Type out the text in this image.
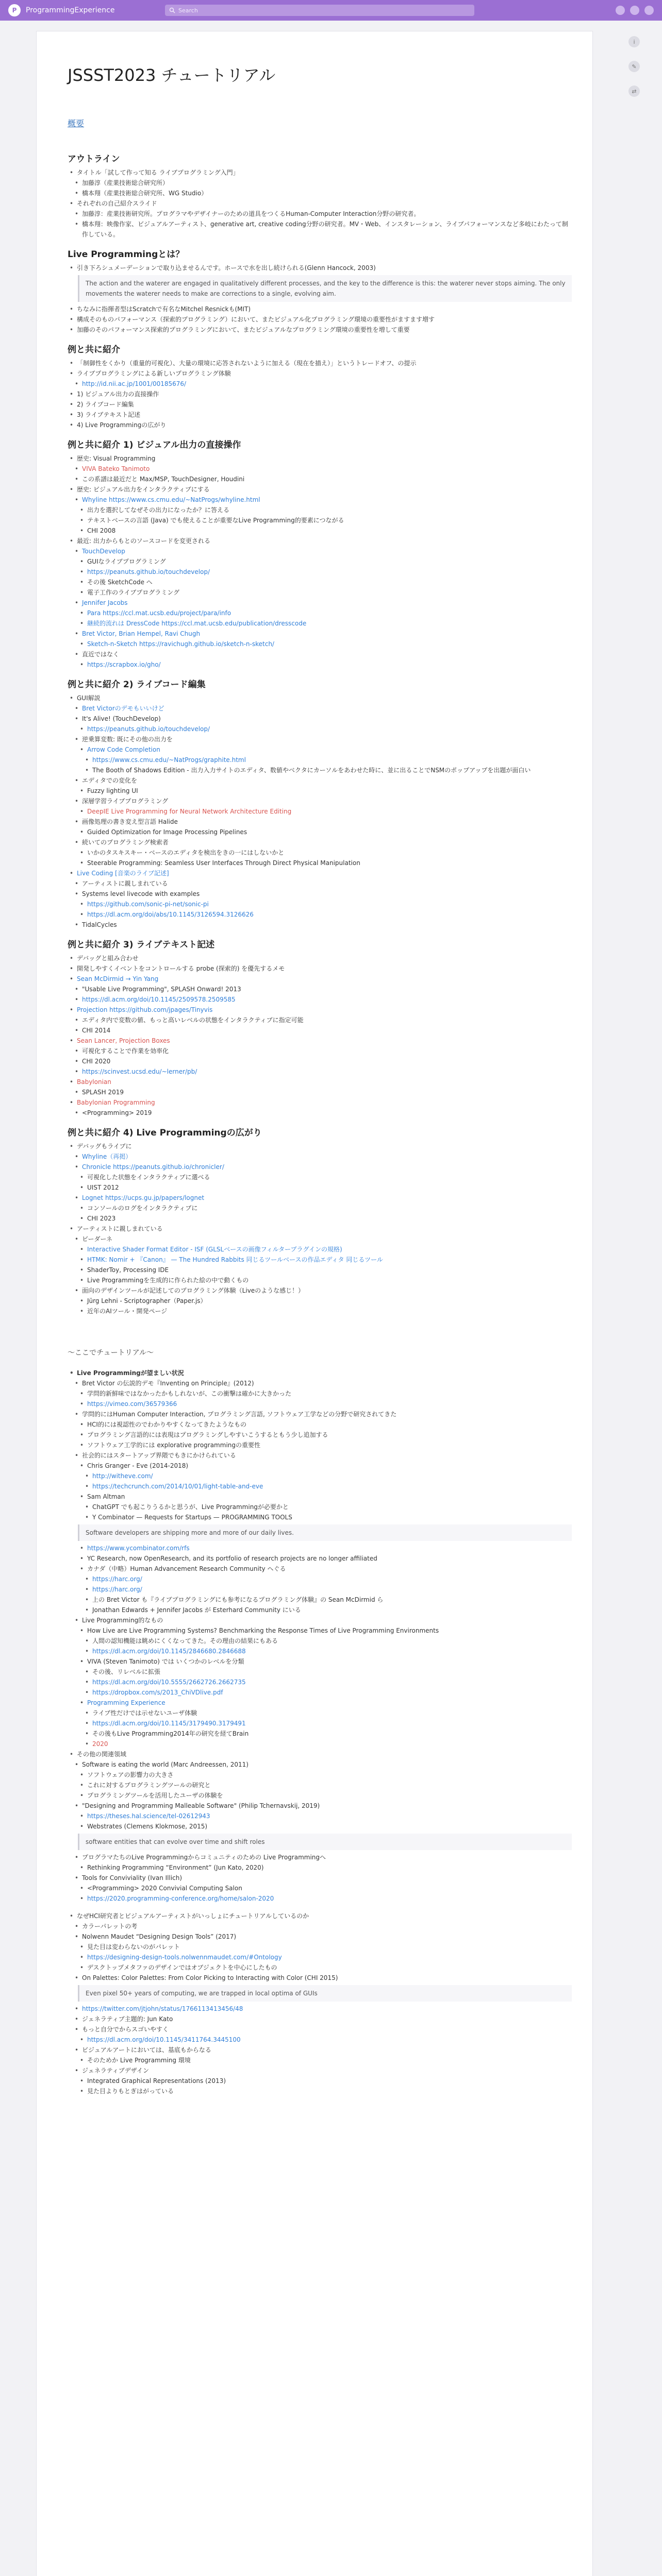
P	ProgrammingExperience	Search
i
✎
⇄
JSSST2023 チュートリアル
概要
アウトライン
• タイトル「試して作って知る ライブプログラミング入門」
• 加藤淳（産業技術総合研究所）
• 橋本翔（産業技術総合研究所、WG Studio）
• それぞれの自己紹介スライド
• 加藤淳：産業技術研究所。プログラマやデザイナーのための道具をつくるHuman-Computer Interaction分野の研究者。
• 橋本翔：映像作家、ビジュアルアーティスト、generative art, creative coding分野の研究者。MV・Web、インスタレーション、ライブパフォーマンスなど多岐にわたって制作している。
Live Programmingとは？
• 引き下ろシュメーデーションで取り込ませるんです。ホースで水を出し続けられる(Glenn Hancock, 2003)
The action and the waterer are engaged in qualitatively different processes, and the key to the difference is this: the waterer never stops aiming. The only movements the waterer needs to make are corrections to a single, evolving aim.
• ちなみに指揮者型はScratchで有名なMitchel Resnickも(MIT)
• 構成そのものパフォーマンス（探索的プログラミング）において、またビジュアル化プログラミング環境の重要性がますます増す
• 加藤のそのパフォーマンス探索的プログラミングにおいて、またビジュアルなプログラミング環境の重要性を増して重要
例と共に紹介
• 「制御性をくかり（重量的可視化）、大量の環境に応答されないように加える（現在を描え）」というトレードオフ、の提示
• ライブプログラミングによる新しいプログラミング体験
• http://id.nii.ac.jp/1001/00185676/
• 1) ビジュアル出力の直接操作
• 2) ライブコード編集
• 3) ライブテキスト記述
• 4) Live Programmingの広がり
例と共に紹介 1) ビジュアル出力の直接操作
• 歴史: Visual Programming
• VIVA Bateko Tanimoto
• この系譜は最近だと Max/MSP, TouchDesigner, Houdini
• 歴史: ビジュアル出力をインタラクティブにする
• Whyline https://www.cs.cmu.edu/~NatProgs/whyline.html
• 出力を選択してなぜその出力になったか？に答える
• テキストベースの言語 (Java) でも使えることが重要なLive Programming的要素につながる
• CHI 2008
• 最近: 出力からもとのソースコードを変更される
• TouchDevelop
• GUIなライブプログラミング
• https://peanuts.github.io/touchdevelop/
• その後 SketchCode へ
• 電子工作のライブプログラミング
• Jennifer Jacobs
• Para https://ccl.mat.ucsb.edu/project/para/info
• 継続的流れは DressCode https://ccl.mat.ucsb.edu/publication/dresscode
• Bret Victor, Brian Hempel, Ravi Chugh
• Sketch-n-Sketch https://ravichugh.github.io/sketch-n-sketch/
• 直近ではなく
• https://scrapbox.io/gho/
例と共に紹介 2) ライブコード編集
• GUI解説
• Bret Victorのデモもいいけど
• It's Alive! (TouchDevelop)
• https://peanuts.github.io/touchdevelop/
• 逆乗算変数: 既にその他の出力を
• Arrow Code Completion
• https://www.cs.cmu.edu/~NatProgs/graphite.html
• The Booth of Shadows Edition - 出力入力サイトのエディタ、数値やベクタにカーソルをあわせた時に、並に出ることでNSMのポップアップを出題が面白い
• エディタでの変化を
• Fuzzy lighting UI
• 深層学習ライブプログラミング
• DeepIE Live Programming for Neural Network Architecture Editing
• 画像処理の書き変え型言語 Halide
• Guided Optimization for Image Processing Pipelines
• 続いてのプログラミング検索者
• いかのタスキスキー・ベースのエディタを検出をきの一にはしないかと
• Steerable Programming: Seamless User Interfaces Through Direct Physical Manipulation
• Live Coding [音楽のライブ記述]
• アーティストに親しまれている
• Systems level livecode with examples
• https://github.com/sonic-pi-net/sonic-pi
• https://dl.acm.org/doi/abs/10.1145/3126594.3126626
• TidalCycles
例と共に紹介 3) ライブテキスト記述
• デバッグと組み合わせ
• 開発しやすくイベントをコントロールする probe (探索的) を優先するメモ
• Sean McDirmid → Yin Yang
• "Usable Live Programming", SPLASH Onward! 2013
• https://dl.acm.org/doi/10.1145/2509578.2509585
• Projection https://github.com/jpages/Tinyvis
• エディタ内で変数の値、もっと高いレベルの状態をインタラクティブに指定可能
• CHI 2014
• Sean Lancer, Projection Boxes
• 可視化することで作業を効率化
• CHI 2020
• https://scinvest.ucsd.edu/~lerner/pb/
• Babylonian
• SPLASH 2019
• Babylonian Programming
• <Programming> 2019
例と共に紹介 4) Live Programmingの広がり
• デバッグもライブに
• Whyline（再掲）
• Chronicle https://peanuts.github.io/chronicler/
• 可視化した状態をインタラクティブに選べる
• UIST 2012
• Lognet https://ucps.gu.jp/papers/lognet
• コンソールのログをインタラクティブに
• CHI 2023
• アーティストに親しまれている
• ビーダーネ
• Interactive Shader Format Editor - ISF (GLSLベースの画像フィルタープラグインの規格)
• HTMK: Nomir + 『Canon』 — The Hundred Rabbits 同じるツールベースの作品エディタ 同じるツール
• ShaderToy, Processing IDE
• Live Programmingを生成的に作られた絵の中で動くもの
• 面向のデザインツールが記述してのプログラミング体験（Liveのような感じ！）
• Jürg Lehni - Scriptographer（Paper.js）
• 近年のAIツール・開発ページ
〜ここでチュートリアル〜
• Live Programmingが望ましい状況
• Bret Victor の伝説的デモ『Inventing on Principle』(2012)
• 学問的新鮮味ではなかったかもしれないが、この衝撃は確かに大きかった
• https://vimeo.com/36579366
• 学問的にはHuman Computer Interaction, プログラミング言語, ソフトウェア工学などの分野で研究されてきた
• HCI的には視認性のでわかりやすくなってきたようなもの
• プログラミング言語的には表現はプログラミングしやすいこうするともう少し追加する
• ソフトウェア工学的には explorative programmingの重要性
• 社会的にはスタートアップ界隈でもきにかけられている
• Chris Granger - Eve (2014-2018)
• http://witheve.com/
• https://techcrunch.com/2014/10/01/light-table-and-eve
• Sam Altman
• ChatGPT でも起こりうるかと思うが、Live Programmingが必要かと
• Y Combinator — Requests for Startups — PROGRAMMING TOOLS
Software developers are shipping more and more of our daily lives.
• https://www.ycombinator.com/rfs
• YC Research, now OpenResearch, and its portfolio of research projects are no longer affiliated
• カナダ（中略）Human Advancement Research Community ヘぐる
• https://harc.org/
• https://harc.org/
• 上の Bret Victor も『ライブプログラミングにも参考になるプログラミング体験』の Sean McDirmid ら
• Jonathan Edwards + Jennifer Jacobs が Esterhard Community にいる
• Live Programming的なもの
• How Live are Live Programming Systems? Benchmarking the Response Times of Live Programming Environments
• 人間の認知機能は眺めにくくなってきた。その理由の結果にもある
• https://dl.acm.org/doi/10.1145/2846680.2846688
• VIVA (Steven Tanimoto) では いくつかのレベルを分類
• その後、リレベルに拡張
• https://dl.acm.org/doi/10.5555/2662726.2662735
• https://dropbox.com/s/2013_ChiVDlive.pdf
• Programming Experience
• ライブ性だけでは示せないユーザ体験
• https://dl.acm.org/doi/10.1145/3179490.3179491
• その後もLive Programming2014年の研究を経てBrain
• 2020
• その他の関連領域
• Software is eating the world (Marc Andreessen, 2011)
• ソフトウェアの影響力の大きさ
• これに対するプログラミングツールの研究と
• プログラミングツールを活用したユーザの体験を
• "Designing and Programming Malleable Software" (Philip Tchernavskij, 2019)
• https://theses.hal.science/tel-02612943
• Webstrates (Clemens Klokmose, 2015)
software entities that can evolve over time and shift roles
• プログラマたちのLive Programmingからコミュニティのための Live Programmingへ
• Rethinking Programming “Environment” (Jun Kato, 2020)
• Tools for Conviviality (Ivan Illich)
• <Programming> 2020 Convivial Computing Salon
• https://2020.programming-conference.org/home/salon-2020
• なぜHCI研究者とビジュアルアーティストがいっしょにチュートリアルしているのか
• カラーパレットの考
• Nolwenn Maudet “Designing Design Tools” (2017)
• 見た目は変わらないのがパレット
• https://designing-design-tools.nolwennmaudet.com/#Ontology
• デスクトップメタファのデザインではオブジェクトを中心にしたもの
• On Palettes: Color Palettes: From Color Picking to Interacting with Color (CHI 2015)
Even pixel 50+ years of computing, we are trapped in local optima of GUIs
• https://twitter.com/jtjohn/status/1766113413456/48
• ジェネラティブ主題的: Jun Kato
• もっと自分でからスゴいやすく
• https://dl.acm.org/doi/10.1145/3411764.3445100
• ビジュアルアートにおいては、基底もからなる
• そのためか Live Programming 環境
• ジェネラティブデザイン
• Integrated Graphical Representations (2013)
• 見た目よりもとぎはがっている
